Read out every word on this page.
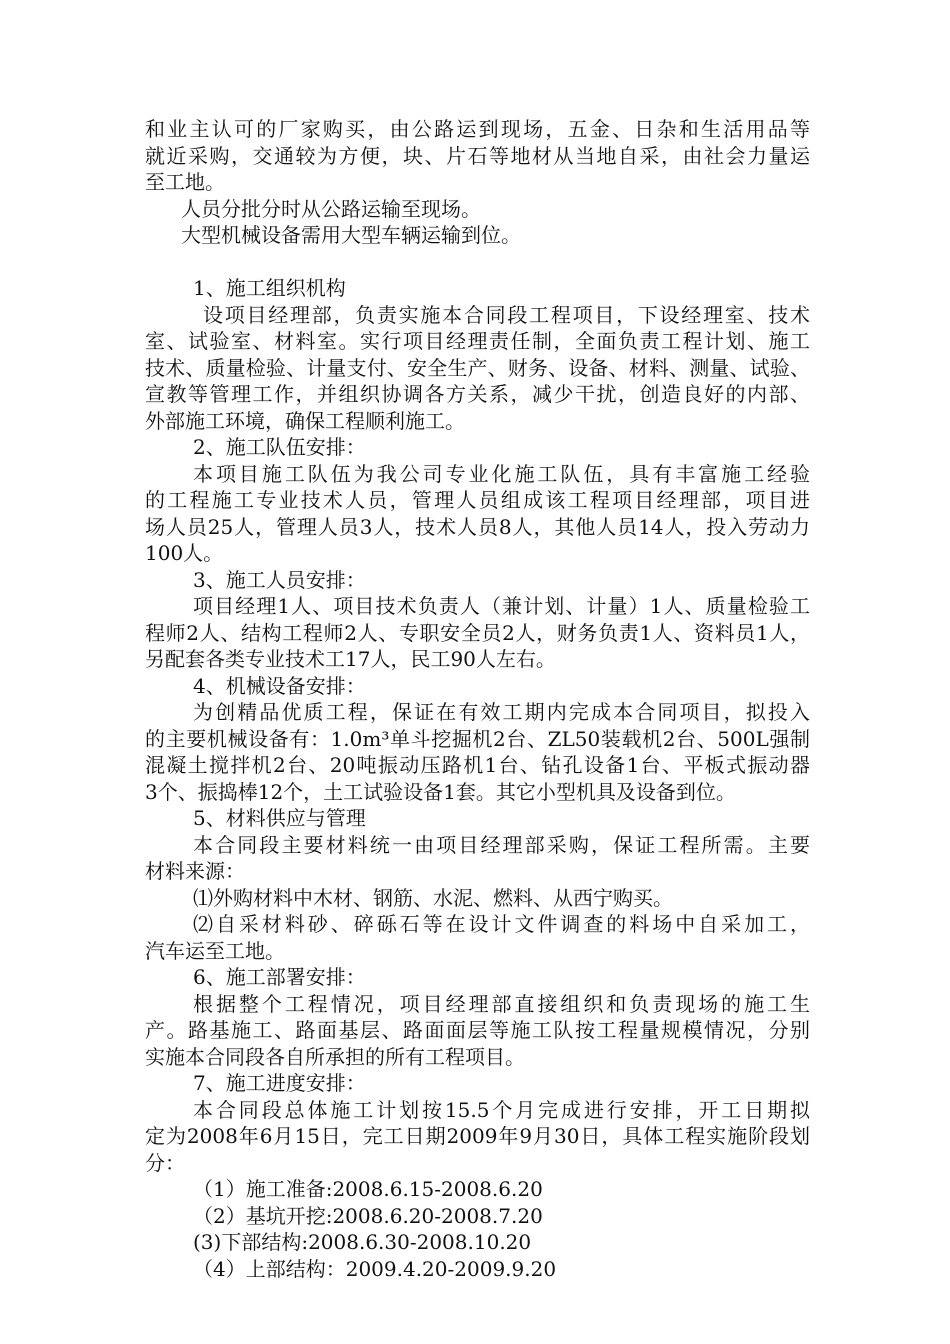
和业主认可的厂家购买，由公路运到现场，五金、日杂和生活用品等
就近采购，交通较为方便，块、片石等地材从当地自采，由社会力量运
至工地。
人员分批分时从公路运输至现场。
大型机械设备需用大型车辆运输到位。
1、施工组织机构
设项目经理部，负责实施本合同段工程项目，下设经理室、技术
室、试验室、材料室。实行项目经理责任制，全面负责工程计划、施工
技术、质量检验、计量支付、安全生产、财务、设备、材料、测量、试验、
宣教等管理工作，并组织协调各方关系，减少干扰，创造良好的内部、
外部施工环境，确保工程顺利施工。
2、施工队伍安排：
本项目施工队伍为我公司专业化施工队伍，具有丰富施工经验
的工程施工专业技术人员，管理人员组成该工程项目经理部，项目进
场人员25人，管理人员3人，技术人员8人，其他人员14人，投入劳动力
100人。
3、施工人员安排：
项目经理1人、项目技术负责人（兼计划、计量）1人、质量检验工
程师2人、结构工程师2人、专职安全员2人，财务负责1人、资料员1人，
另配套各类专业技术工17人，民工90人左右。
4、机械设备安排：
为创精品优质工程，保证在有效工期内完成本合同项目，拟投入
的主要机械设备有：1.0m³单斗挖掘机2台、ZL50装载机2台、500L强制
混凝土搅拌机2台、20吨振动压路机1台、钻孔设备1台、平板式振动器
3个、振捣棒12个，土工试验设备1套。其它小型机具及设备到位。
5、材料供应与管理
本合同段主要材料统一由项目经理部采购，保证工程所需。主要
材料来源：
⑴外购材料中木材、钢筋、水泥、燃料、从西宁购买。
⑵自采材料砂、碎砾石等在设计文件调查的料场中自采加工，
汽车运至工地。
6、施工部署安排：
根据整个工程情况，项目经理部直接组织和负责现场的施工生
产。路基施工、路面基层、路面面层等施工队按工程量规模情况，分别
实施本合同段各自所承担的所有工程项目。
7、施工进度安排：
本合同段总体施工计划按15.5个月完成进行安排，开工日期拟
定为2008年6月15日，完工日期2009年9月30日，具体工程实施阶段划
分：
（1）施工准备:2008.6.15-2008.6.20
（2）基坑开挖:2008.6.20-2008.7.20
(3)下部结构:2008.6.30-2008.10.20
（4）上部结构：2009.4.20-2009.9.20
